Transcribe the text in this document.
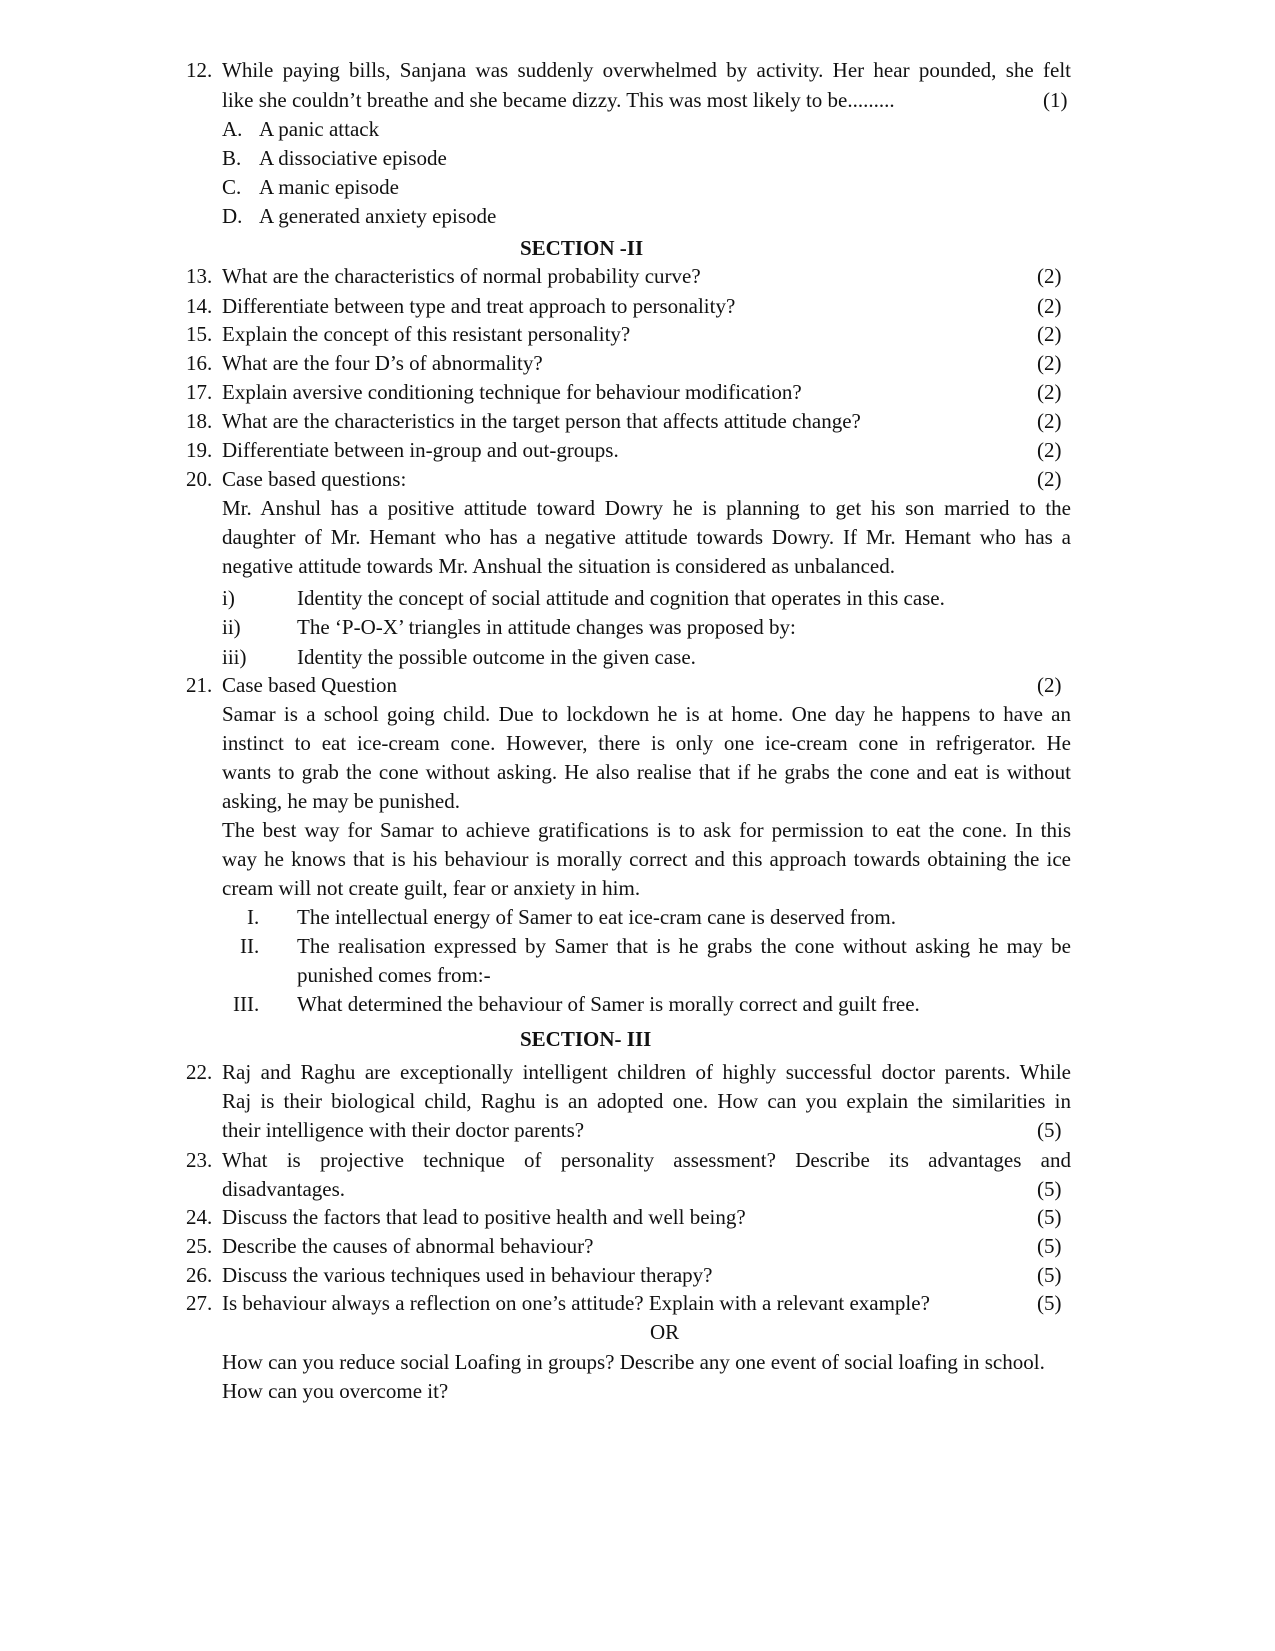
12. While paying bills, Sanjana was suddenly overwhelmed by activity. Her hear pounded, she felt
like she couldn’t breathe and she became dizzy. This was most likely to be.........	(1)
A. A panic attack
B. A dissociative episode
C. A manic episode
D. A generated anxiety episode
SECTION -II
13. What are the characteristics of normal probability curve?	(2)
14. Differentiate between type and treat approach to personality?	(2)
15. Explain the concept of this resistant personality?	(2)
16. What are the four D’s of abnormality?	(2)
17. Explain aversive conditioning technique for behaviour modification?	(2)
18. What are the characteristics in the target person that affects attitude change?	(2)
19. Differentiate between in-group and out-groups.	(2)
20. Case based questions:	(2)
Mr. Anshul has a positive attitude toward Dowry he is planning to get his son married to the
daughter of Mr. Hemant who has a negative attitude towards Dowry. If Mr. Hemant who has a
negative attitude towards Mr. Anshual the situation is considered as unbalanced.
i)	Identity the concept of social attitude and cognition that operates in this case.
ii)	The ‘P-O-X’ triangles in attitude changes was proposed by:
iii) Identity the possible outcome in the given case.
21. Case based Question	(2)
Samar is a school going child. Due to lockdown he is at home. One day he happens to have an
instinct to eat ice-cream cone. However, there is only one ice-cream cone in refrigerator. He
wants to grab the cone without asking. He also realise that if he grabs the cone and eat is without
asking, he may be punished.
The best way for Samar to achieve gratifications is to ask for permission to eat the cone. In this
way he knows that is his behaviour is morally correct and this approach towards obtaining the ice
cream will not create guilt, fear or anxiety in him.
I. The intellectual energy of Samer to eat ice-cram cane is deserved from.
II. The realisation expressed by Samer that is he grabs the cone without asking he may be
punished comes from:-
III. What determined the behaviour of Samer is morally correct and guilt free.
SECTION- III
22. Raj and Raghu are exceptionally intelligent children of highly successful doctor parents. While
Raj is their biological child, Raghu is an adopted one. How can you explain the similarities in
their intelligence with their doctor parents?	(5)
23. What is projective technique of personality assessment? Describe its advantages and
disadvantages.	(5)
24. Discuss the factors that lead to positive health and well being?	(5)
25. Describe the causes of abnormal behaviour?	(5)
26. Discuss the various techniques used in behaviour therapy?	(5)
27. Is behaviour always a reflection on one’s attitude? Explain with a relevant example?	(5)
OR
How can you reduce social Loafing in groups? Describe any one event of social loafing in school.
How can you overcome it?
